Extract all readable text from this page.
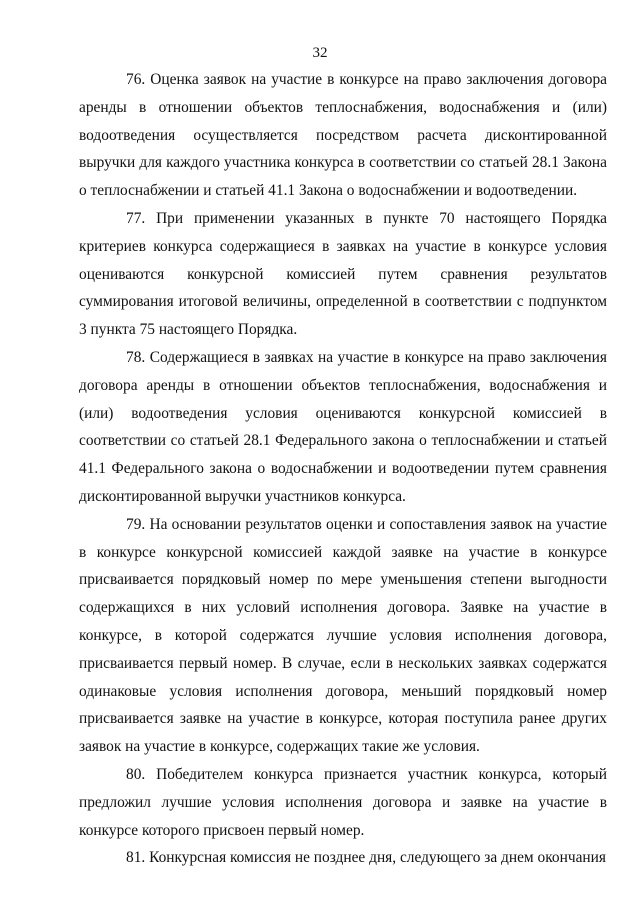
32

76. Оценка заявок на участие в конкурсе на право заключения договора аренды в отношении объектов теплоснабжения, водоснабжения и (или) водоотведения осуществляется посредством расчета дисконтированной выручки для каждого участника конкурса в соответствии со статьей 28.1 Закона о теплоснабжении и статьей 41.1 Закона о водоснабжении и водоотведении.

77. При применении указанных в пункте 70 настоящего Порядка критериев конкурса содержащиеся в заявках на участие в конкурсе условия оцениваются конкурсной комиссией путем сравнения результатов суммирования итоговой величины, определенной в соответствии с подпунктом 3 пункта 75 настоящего Порядка.

78. Содержащиеся в заявках на участие в конкурсе на право заключения договора аренды в отношении объектов теплоснабжения, водоснабжения и (или) водоотведения условия оцениваются конкурсной комиссией в соответствии со статьей 28.1 Федерального закона о теплоснабжении и статьей 41.1 Федерального закона о водоснабжении и водоотведении путем сравнения дисконтированной выручки участников конкурса.

79. На основании результатов оценки и сопоставления заявок на участие в конкурсе конкурсной комиссией каждой заявке на участие в конкурсе присваивается порядковый номер по мере уменьшения степени выгодности содержащихся в них условий исполнения договора. Заявке на участие в конкурсе, в которой содержатся лучшие условия исполнения договора, присваивается первый номер. В случае, если в нескольких заявках содержатся одинаковые условия исполнения договора, меньший порядковый номер присваивается заявке на участие в конкурсе, которая поступила ранее других заявок на участие в конкурсе, содержащих такие же условия.

80. Победителем конкурса признается участник конкурса, который предложил лучшие условия исполнения договора и заявке на участие в конкурсе которого присвоен первый номер.

81. Конкурсная комиссия не позднее дня, следующего за днем окончания
